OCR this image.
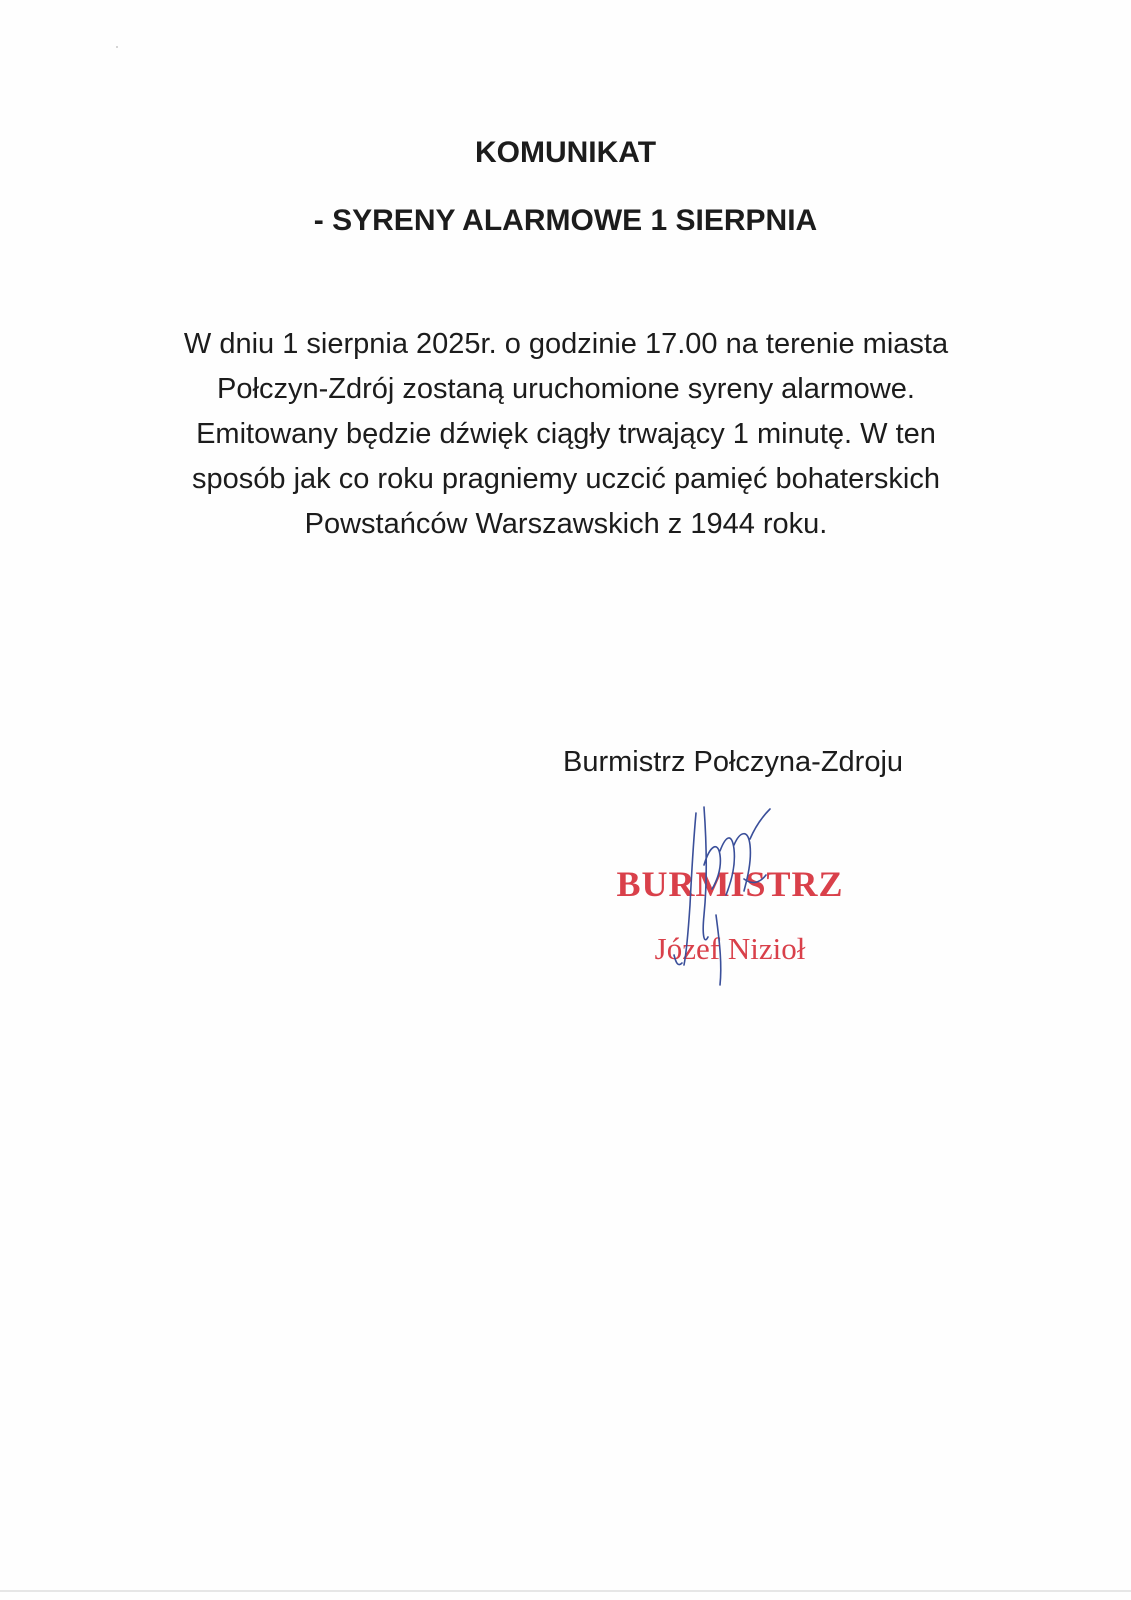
KOMUNIKAT
- SYRENY ALARMOWE 1 SIERPNIA
W dniu 1 sierpnia 2025r. o godzinie 17.00 na terenie miasta
Połczyn-Zdrój zostaną uruchomione syreny alarmowe.
Emitowany będzie dźwięk ciągły trwający 1 minutę. W ten
sposób jak co roku pragniemy uczcić pamięć bohaterskich
Powstańców Warszawskich z 1944 roku.
Burmistrz Połczyna-Zdroju
BURMISTRZ
Józef Nizioł
